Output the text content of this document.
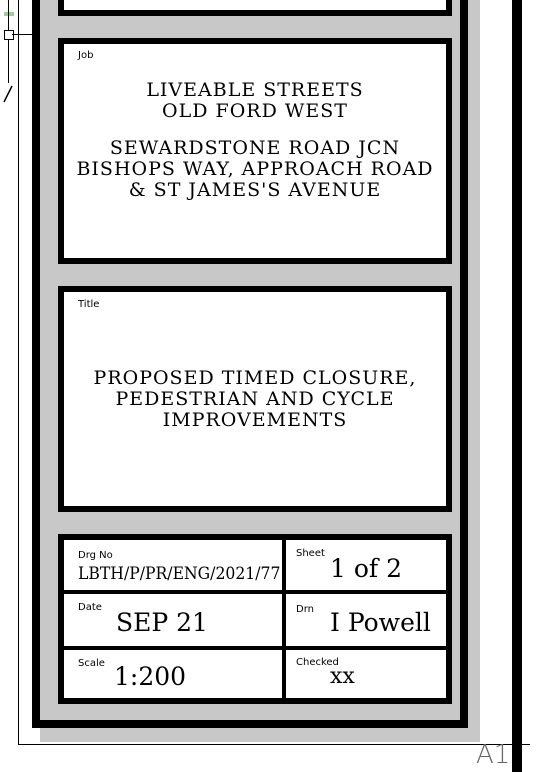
Job
LIVEABLE STREETS
OLD FORD WEST
SEWARDSTONE ROAD JCN
BISHOPS WAY, APPROACH ROAD
& ST JAMES'S AVENUE
Title
PROPOSED TIMED CLOSURE,
PEDESTRIAN AND CYCLE
IMPROVEMENTS
Drg No
LBTH/P/PR/ENG/2021/77
Sheet
1 of 2
Date
SEP 21	Drn I Powell
Scale 1:200	Checked
xx
A1
